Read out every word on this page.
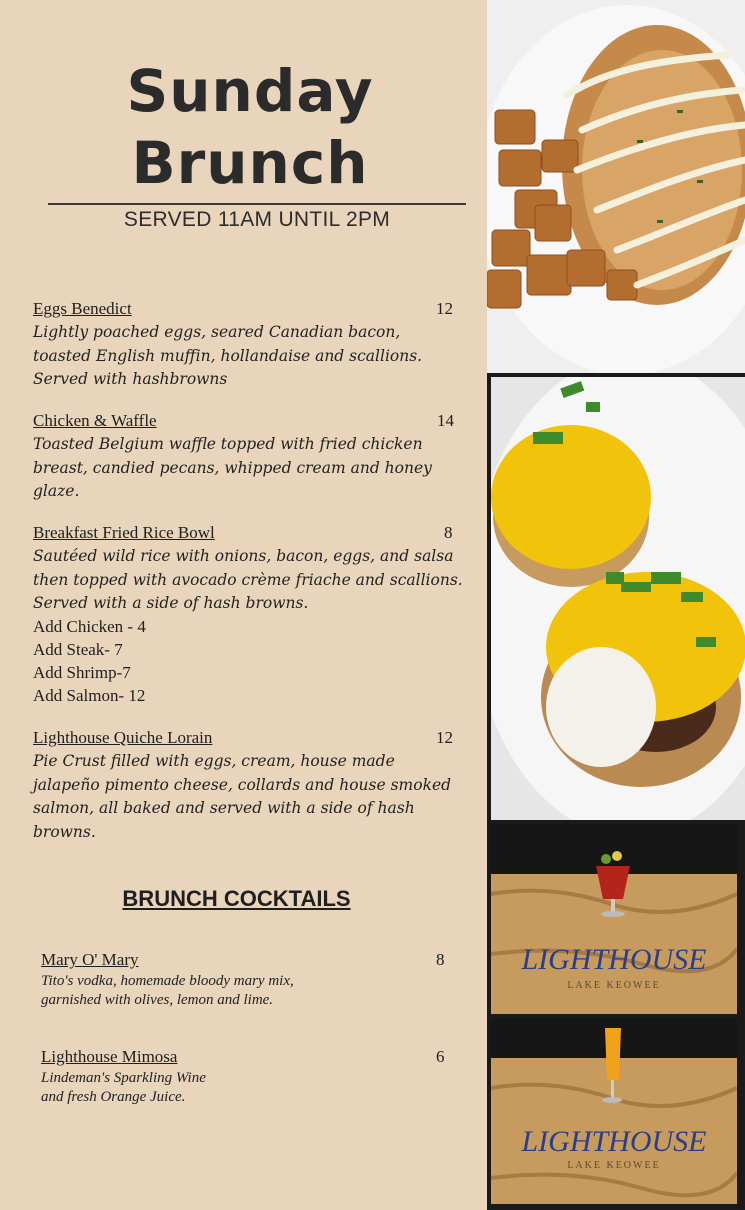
Sunday
Brunch
SERVED 11AM UNTIL 2PM
Eggs Benedict	12
Lightly poached eggs, seared Canadian bacon, toasted English muffin, hollandaise and scallions. Served with hashbrowns
Chicken & Waffle	14
Toasted Belgium waffle topped with fried chicken breast, candied pecans, whipped cream and honey glaze.
Breakfast Fried Rice Bowl	8
Sautéed wild rice with onions, bacon, eggs, and salsa then topped with avocado crème friache and scallions. Served with a side of hash browns.
Add Chicken - 4
Add Steak- 7
Add Shrimp-7
Add Salmon- 12
Lighthouse Quiche Lorain	12
Pie Crust filled with eggs, cream, house made jalapeño pimento cheese, collards and house smoked salmon, all baked and served with a side of hash browns.
BRUNCH COCKTAILS
Mary O' Mary	8
Tito's vodka, homemade bloody mary mix,
garnished with olives, lemon and lime.
Lighthouse Mimosa	6
Lindeman's Sparkling Wine
and fresh Orange Juice.
LIGHTHOUSE
LAKE KEOWEE
LIGHTHOUSE
LAKE KEOWEE
